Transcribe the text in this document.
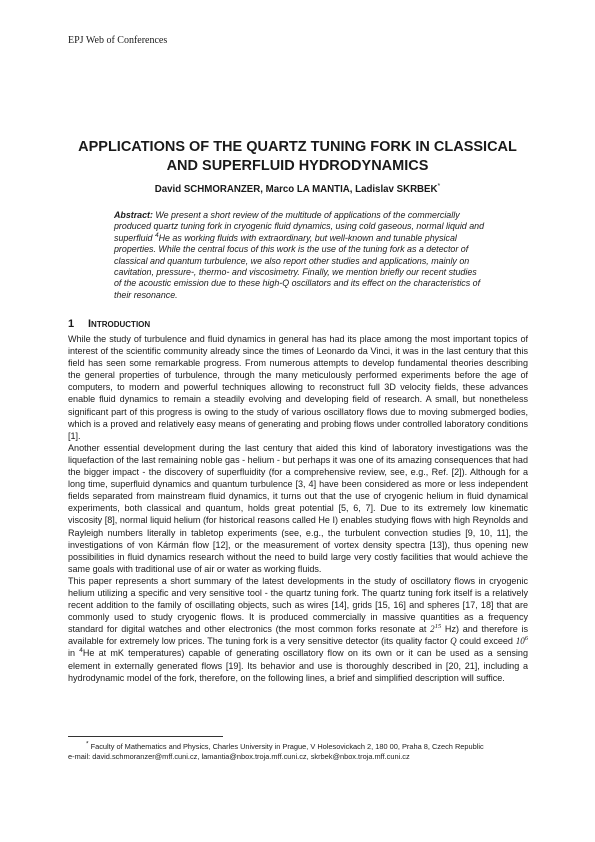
EPJ Web of Conferences
APPLICATIONS OF THE QUARTZ TUNING FORK IN CLASSICAL
AND SUPERFLUID HYDRODYNAMICS
David SCHMORANZER, Marco LA MANTIA, Ladislav SKRBEK*
Abstract: We present a short review of the multitude of applications of the commercially produced quartz tuning fork in cryogenic fluid dynamics, using cold gaseous, normal liquid and superfluid $^4$He as working fluids with extraordinary, but well-known and tunable physical properties. While the central focus of this work is the use of the tuning fork as a detector of classical and quantum turbulence, we also report other studies and applications, mainly on cavitation, pressure-, thermo- and viscosimetry. Finally, we mention briefly our recent studies of the acoustic emission due to these high-Q oscillators and its effect on the characteristics of their resonance.
1 Introduction

While the study of turbulence and fluid dynamics in general has had its place among the most important topics of interest of the scientific community already since the times of Leonardo da Vinci, it was in the last century that this field has seen some remarkable progress. From numerous attempts to develop fundamental theories describing the general properties of turbulence, through the many meticulously performed experiments before the age of computers, to modern and powerful techniques allowing to reconstruct full 3D velocity fields, these advances enable fluid dynamics to remain a steadily evolving and developing field of research. A small, but nonetheless significant part of this progress is owing to the study of various oscillatory flows due to moving submerged bodies, which is a proved and relatively easy means of generating and probing flows under controlled laboratory conditions [1].

Another essential development during the last century that aided this kind of laboratory investigations was the liquefaction of the last remaining noble gas - helium - but perhaps it was one of its amazing consequences that had the bigger impact - the discovery of superfluidity (for a comprehensive review, see, e.g., Ref. [2]). Although for a long time, superfluid dynamics and quantum turbulence [3, 4] have been considered as more or less independent fields separated from mainstream fluid dynamics, it turns out that the use of cryogenic helium in fluid dynamical experiments, both classical and quantum, holds great potential [5, 6, 7]. Due to its extremely low kinematic viscosity [8], normal liquid helium (for historical reasons called He I) enables studying flows with high Reynolds and Rayleigh numbers literally in tabletop experiments (see, e.g., the turbulent convection studies [9, 10, 11], the investigations of von Kármán flow [12], or the measurement of vortex density spectra [13]), thus opening new possibilities in fluid dynamics research without the need to build large very costly facilities that would achieve the same goals with traditional use of air or water as working fluids.

This paper represents a short summary of the latest developments in the study of oscillatory flows in cryogenic helium utilizing a specific and very sensitive tool - the quartz tuning fork. The quartz tuning fork itself is a relatively recent addition to the family of oscillating objects, such as wires [14], grids [15, 16] and spheres [17, 18] that are commonly used to study cryogenic flows. It is produced commercially in massive quantities as a frequency standard for digital watches and other electronics (the most common forks resonate at $2^{15}$ Hz) and therefore is available for extremely low prices. The tuning fork is a very sensitive detector (its quality factor Q could exceed $10^6$ in $^4$He at mK temperatures) capable of generating oscillatory flow on its own or it can be used as a sensing element in externally generated flows [19]. Its behavior and use is thoroughly described in [20, 21], including a hydrodynamic model of the fork, therefore, on the following lines, a brief and simplified description will suffice.

* Faculty of Mathematics and Physics, Charles University in Prague, V Holesovickach 2, 180 00, Praha 8, Czech Republic
e-mail: david.schmoranzer@mff.cuni.cz, lamantia@nbox.troja.mff.cuni.cz, skrbek@nbox.troja.mff.cuni.cz
